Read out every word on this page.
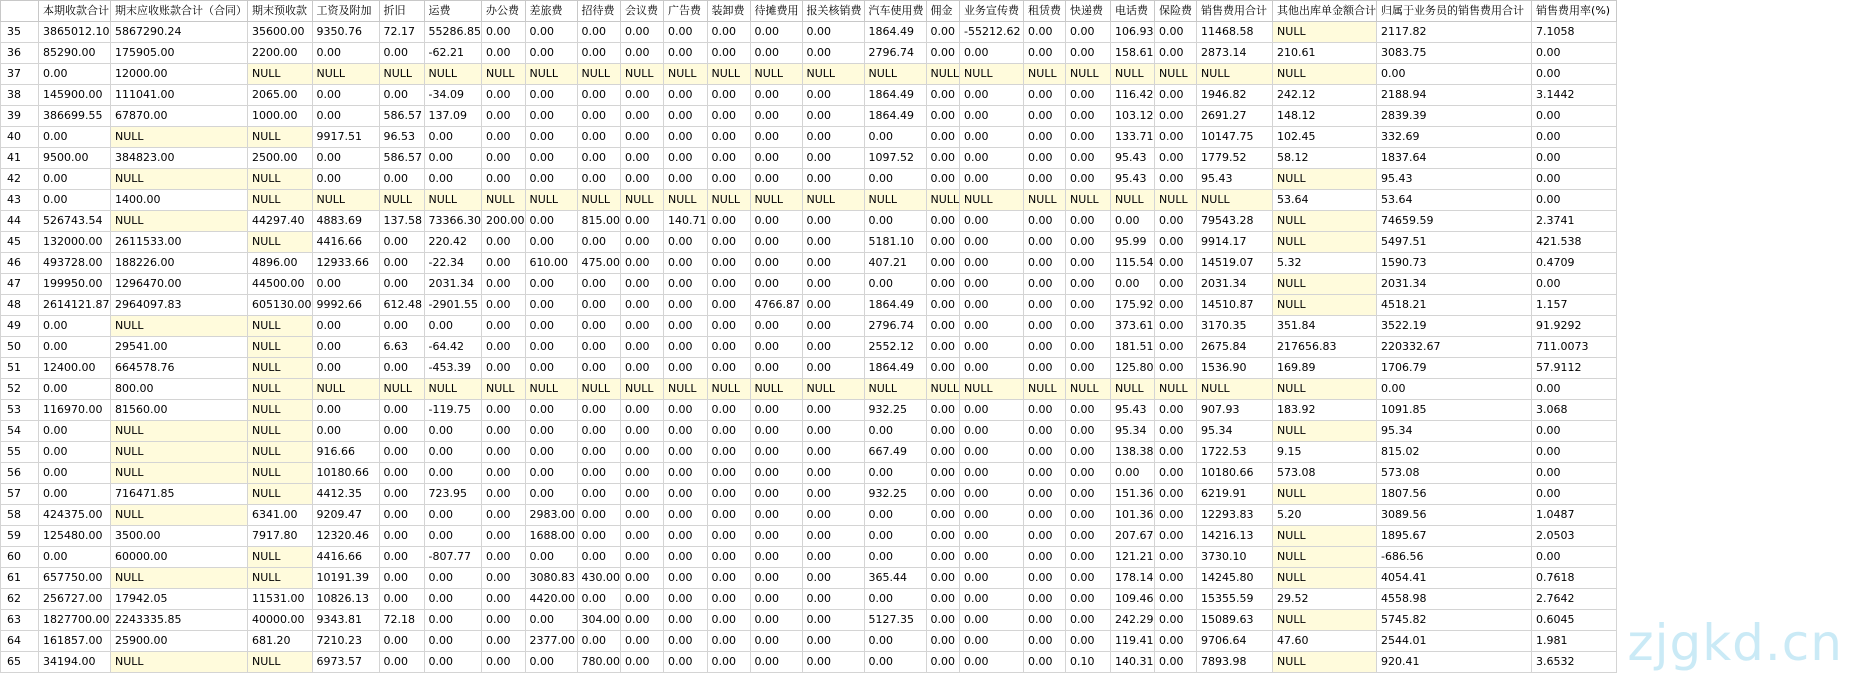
	本期收款合计	期末应收账款合计（合同）	期末预收款	工资及附加	折旧	运费	办公费	差旅费	招待费	会议费	广告费	装卸费	待摊费用	报关核销费	汽车使用费	佣金	业务宣传费	租赁费	快递费	电话费	保险费	销售费用合计	其他出库单金额合计	归属于业务员的销售费用合计	销售费用率(%)
35	3865012.10	5867290.24	35600.00	9350.76	72.17	55286.85	0.00	0.00	0.00	0.00	0.00	0.00	0.00	0.00	1864.49	0.00	-55212.62	0.00	0.00	106.93	0.00	11468.58	NULL	2117.82	7.1058
36	85290.00	175905.00	2200.00	0.00	0.00	-62.21	0.00	0.00	0.00	0.00	0.00	0.00	0.00	0.00	2796.74	0.00	0.00	0.00	0.00	158.61	0.00	2873.14	210.61	3083.75	0.00
37	0.00	12000.00	NULL	NULL	NULL	NULL	NULL	NULL	NULL	NULL	NULL	NULL	NULL	NULL	NULL	NULL	NULL	NULL	NULL	NULL	NULL	NULL	NULL	0.00	0.00
38	145900.00	111041.00	2065.00	0.00	0.00	-34.09	0.00	0.00	0.00	0.00	0.00	0.00	0.00	0.00	1864.49	0.00	0.00	0.00	0.00	116.42	0.00	1946.82	242.12	2188.94	3.1442
39	386699.55	67870.00	1000.00	0.00	586.57	137.09	0.00	0.00	0.00	0.00	0.00	0.00	0.00	0.00	1864.49	0.00	0.00	0.00	0.00	103.12	0.00	2691.27	148.12	2839.39	0.00
40	0.00	NULL	NULL	9917.51	96.53	0.00	0.00	0.00	0.00	0.00	0.00	0.00	0.00	0.00	0.00	0.00	0.00	0.00	0.00	133.71	0.00	10147.75	102.45	332.69	0.00
41	9500.00	384823.00	2500.00	0.00	586.57	0.00	0.00	0.00	0.00	0.00	0.00	0.00	0.00	0.00	1097.52	0.00	0.00	0.00	0.00	95.43	0.00	1779.52	58.12	1837.64	0.00
42	0.00	NULL	NULL	0.00	0.00	0.00	0.00	0.00	0.00	0.00	0.00	0.00	0.00	0.00	0.00	0.00	0.00	0.00	0.00	95.43	0.00	95.43	NULL	95.43	0.00
43	0.00	1400.00	NULL	NULL	NULL	NULL	NULL	NULL	NULL	NULL	NULL	NULL	NULL	NULL	NULL	NULL	NULL	NULL	NULL	NULL	NULL	NULL	53.64	53.64	0.00
44	526743.54	NULL	44297.40	4883.69	137.58	73366.30	200.00	0.00	815.00	0.00	140.71	0.00	0.00	0.00	0.00	0.00	0.00	0.00	0.00	0.00	0.00	79543.28	NULL	74659.59	2.3741
45	132000.00	2611533.00	NULL	4416.66	0.00	220.42	0.00	0.00	0.00	0.00	0.00	0.00	0.00	0.00	5181.10	0.00	0.00	0.00	0.00	95.99	0.00	9914.17	NULL	5497.51	421.538
46	493728.00	188226.00	4896.00	12933.66	0.00	-22.34	0.00	610.00	475.00	0.00	0.00	0.00	0.00	0.00	407.21	0.00	0.00	0.00	0.00	115.54	0.00	14519.07	5.32	1590.73	0.4709
47	199950.00	1296470.00	44500.00	0.00	0.00	2031.34	0.00	0.00	0.00	0.00	0.00	0.00	0.00	0.00	0.00	0.00	0.00	0.00	0.00	0.00	0.00	2031.34	NULL	2031.34	0.00
48	2614121.87	2964097.83	605130.00	9992.66	612.48	-2901.55	0.00	0.00	0.00	0.00	0.00	0.00	4766.87	0.00	1864.49	0.00	0.00	0.00	0.00	175.92	0.00	14510.87	NULL	4518.21	1.157
49	0.00	NULL	NULL	0.00	0.00	0.00	0.00	0.00	0.00	0.00	0.00	0.00	0.00	0.00	2796.74	0.00	0.00	0.00	0.00	373.61	0.00	3170.35	351.84	3522.19	91.9292
50	0.00	29541.00	NULL	0.00	6.63	-64.42	0.00	0.00	0.00	0.00	0.00	0.00	0.00	0.00	2552.12	0.00	0.00	0.00	0.00	181.51	0.00	2675.84	217656.83	220332.67	711.0073
51	12400.00	664578.76	NULL	0.00	0.00	-453.39	0.00	0.00	0.00	0.00	0.00	0.00	0.00	0.00	1864.49	0.00	0.00	0.00	0.00	125.80	0.00	1536.90	169.89	1706.79	57.9112
52	0.00	800.00	NULL	NULL	NULL	NULL	NULL	NULL	NULL	NULL	NULL	NULL	NULL	NULL	NULL	NULL	NULL	NULL	NULL	NULL	NULL	NULL	NULL	0.00	0.00
53	116970.00	81560.00	NULL	0.00	0.00	-119.75	0.00	0.00	0.00	0.00	0.00	0.00	0.00	0.00	932.25	0.00	0.00	0.00	0.00	95.43	0.00	907.93	183.92	1091.85	3.068
54	0.00	NULL	NULL	0.00	0.00	0.00	0.00	0.00	0.00	0.00	0.00	0.00	0.00	0.00	0.00	0.00	0.00	0.00	0.00	95.34	0.00	95.34	NULL	95.34	0.00
55	0.00	NULL	NULL	916.66	0.00	0.00	0.00	0.00	0.00	0.00	0.00	0.00	0.00	0.00	667.49	0.00	0.00	0.00	0.00	138.38	0.00	1722.53	9.15	815.02	0.00
56	0.00	NULL	NULL	10180.66	0.00	0.00	0.00	0.00	0.00	0.00	0.00	0.00	0.00	0.00	0.00	0.00	0.00	0.00	0.00	0.00	0.00	10180.66	573.08	573.08	0.00
57	0.00	716471.85	NULL	4412.35	0.00	723.95	0.00	0.00	0.00	0.00	0.00	0.00	0.00	0.00	932.25	0.00	0.00	0.00	0.00	151.36	0.00	6219.91	NULL	1807.56	0.00
58	424375.00	NULL	6341.00	9209.47	0.00	0.00	0.00	2983.00	0.00	0.00	0.00	0.00	0.00	0.00	0.00	0.00	0.00	0.00	0.00	101.36	0.00	12293.83	5.20	3089.56	1.0487
59	125480.00	3500.00	7917.80	12320.46	0.00	0.00	0.00	1688.00	0.00	0.00	0.00	0.00	0.00	0.00	0.00	0.00	0.00	0.00	0.00	207.67	0.00	14216.13	NULL	1895.67	2.0503
60	0.00	60000.00	NULL	4416.66	0.00	-807.77	0.00	0.00	0.00	0.00	0.00	0.00	0.00	0.00	0.00	0.00	0.00	0.00	0.00	121.21	0.00	3730.10	NULL	-686.56	0.00
61	657750.00	NULL	NULL	10191.39	0.00	0.00	0.00	3080.83	430.00	0.00	0.00	0.00	0.00	0.00	365.44	0.00	0.00	0.00	0.00	178.14	0.00	14245.80	NULL	4054.41	0.7618
62	256727.00	17942.05	11531.00	10826.13	0.00	0.00	0.00	4420.00	0.00	0.00	0.00	0.00	0.00	0.00	0.00	0.00	0.00	0.00	0.00	109.46	0.00	15355.59	29.52	4558.98	2.7642
63	1827700.00	2243335.85	40000.00	9343.81	72.18	0.00	0.00	0.00	304.00	0.00	0.00	0.00	0.00	0.00	5127.35	0.00	0.00	0.00	0.00	242.29	0.00	15089.63	NULL	5745.82	0.6045
64	161857.00	25900.00	681.20	7210.23	0.00	0.00	0.00	2377.00	0.00	0.00	0.00	0.00	0.00	0.00	0.00	0.00	0.00	0.00	0.00	119.41	0.00	9706.64	47.60	2544.01	1.981
65	34194.00	NULL	NULL	6973.57	0.00	0.00	0.00	0.00	780.00	0.00	0.00	0.00	0.00	0.00	0.00	0.00	0.00	0.00	0.10	140.31	0.00	7893.98	NULL	920.41	3.6532 zjgkd.cn
